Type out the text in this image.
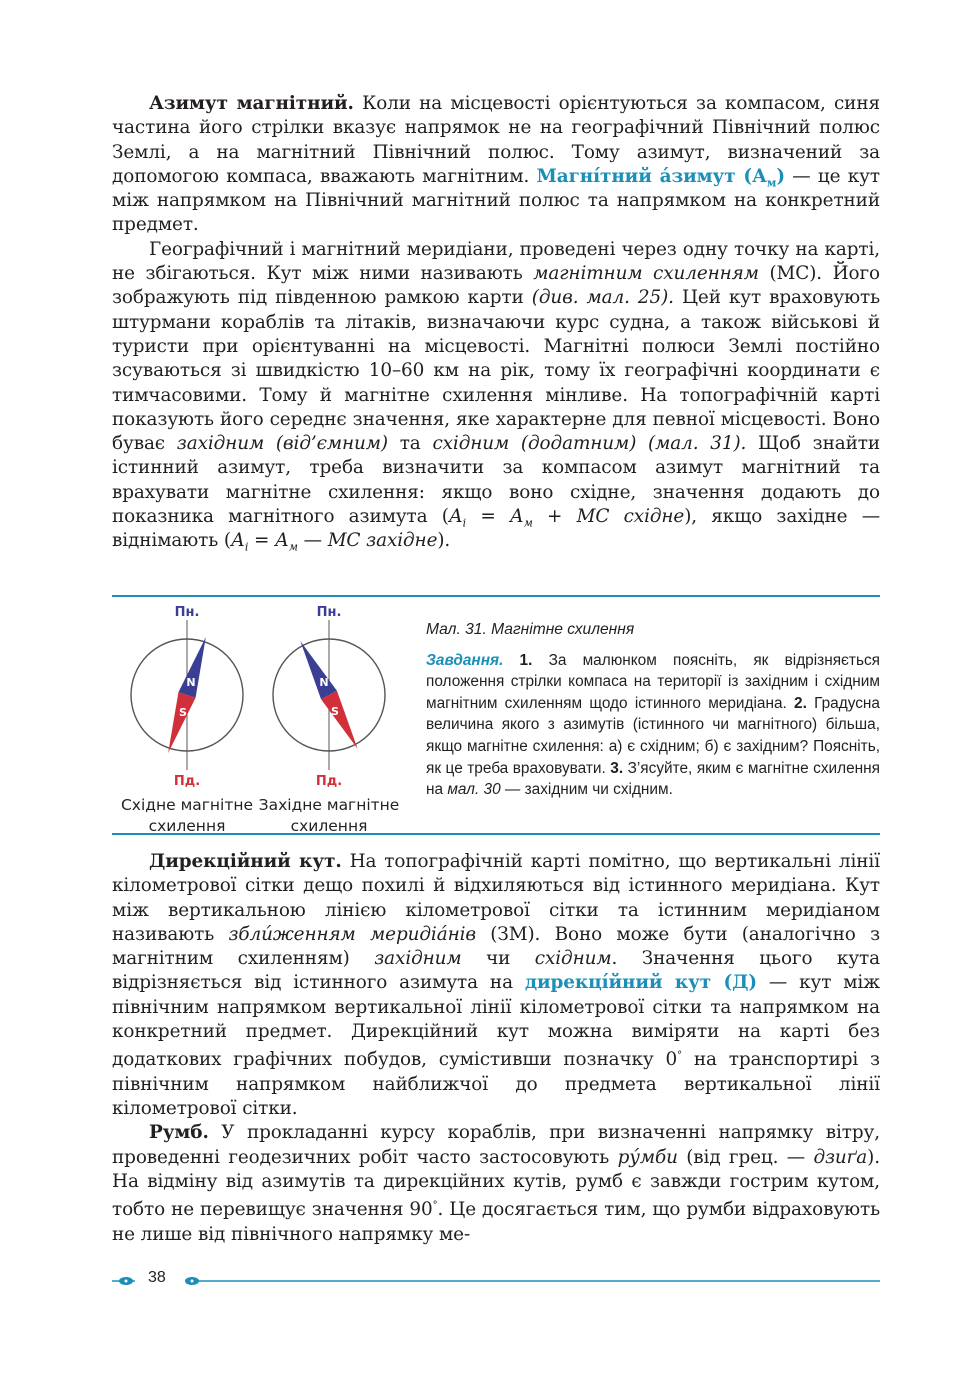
Азимут магнітний. Коли на місцевості орієнтуються за компасом, синя частина його стрілки вказує напрямок не на географічний Північний полюс Землі, а на магнітний Північний полюс. Тому азимут, визначений за допомогою компаса, вважають магнітним. Магні́тний а́зимут $(А_м)$ — це кут між напрямком на Північний магнітний полюс та напрямком на конкретний предмет.

Географічний і магнітний меридіани, проведені через одну точку на карті, не збігаються. Кут між ними називають магнітним схиленням (МС). Його зображують під південною рамкою карти (див. мал. 25). Цей кут враховують штурмани кораблів та літаків, визначаючи курс судна, а також військові й туристи при орієнтуванні на місцевості. Магнітні полюси Землі постійно зсуваються зі швидкістю 10–60 км на рік, тому їх географічні координати є тимчасовими. Тому й магнітне схилення мінливе. На топографічній карті показують його середнє значення, яке характерне для певної місцевості. Воно буває західним (від’ємним) та східним (додатним) (мал. 31). Щоб знайти істинний азимут, треба визначити за компасом азимут магнітний та врахувати магнітне схилення: якщо воно східне, значення додають до показника магнітного азимута ($А_і = А_м$ + МС східне), якщо західне — віднімають ($А_і = А_м$ — МС західне).

Пн.
N
S
Пд.
Східне магнітне
схилення
Пн.
N
S
Пд.
Західне магнітне
схилення
Мал. 31. Магнітне схилення
Завдання. 1. За малюнком поясніть, як відрізняється положення стрілки компаса на території із західним і східним магнітним схиленням щодо істинного меридіана. 2. Градусна величина якого з азимутів (істинного чи магнітного) більша, якщо магнітне схилення: а) є східним; б) є західним? Поясніть, як це треба враховувати. 3. З’ясуйте, яким є магнітне схилення на мал. 30 — західним чи східним.

Дирекційний кут. На топографічній карті помітно, що вертикальні лінії кілометрової сітки дещо похилі й відхиляються від істинного меридіана. Кут між вертикальною лінією кілометрової сітки та істинним меридіаном називають зблúженням меридіáнів (ЗМ). Воно може бути (аналогічно з магнітним схиленням) західним чи східним. Значення цього кута відрізняється від істинного азимута на дирекці́йний кут (Д) — кут між північним напрямком вертикальної лінії кілометрової сітки та напрямком на конкретний предмет. Дирекційний кут можна виміряти на карті без додаткових графічних побудов, сумістивши позначку 0° на транспортирі з північним напрямком найближчої до предмета вертикальної лінії кілометрової сітки.

Румб. У прокладанні курсу кораблів, при визначенні напрямку вітру, проведенні геодезичних робіт часто застосовують ру́мби (від грец. — дзиґа). На відміну від азимутів та дирекційних кутів, румб є завжди гострим кутом, тобто не перевищує значення 90°. Це досягається тим, що румби відраховують не лише від північного напрямку ме-

38
